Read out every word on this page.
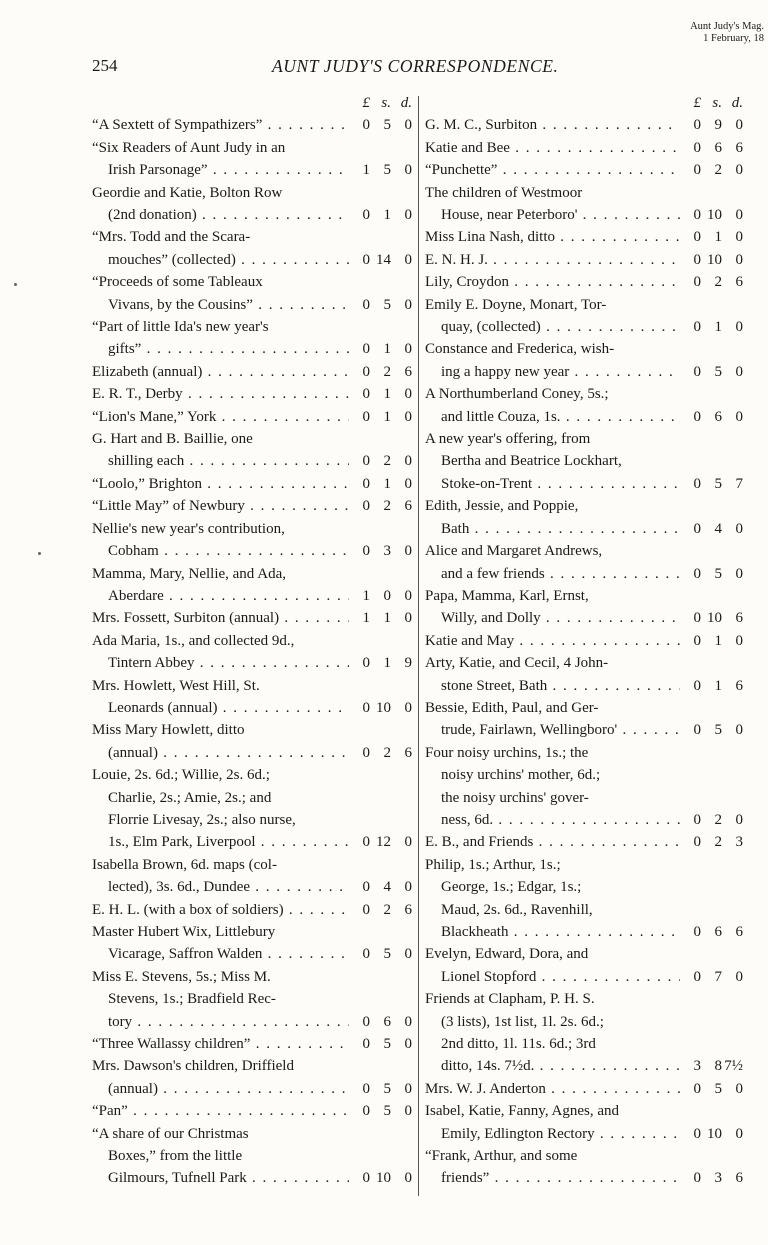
Aunt Judy's Mag.
1 February, 18
254	AUNT JUDY'S CORRESPONDENCE.
£ s. d.
“A Sextett of Sympathizers” . . .	0 5 0
“Six Readers of Aunt Judy in an
Irish Parsonage” . . .	1 5 0
Geordie and Katie, Bolton Row
(2nd donation) . . .	0 1 0
“Mrs. Todd and the Scara-
mouches” (collected) . . .	0 14 0
“Proceeds of some Tableaux
Vivans, by the Cousins” . . .	0 5 0
“Part of little Ida's new year's
gifts” . . .	0 1 0
Elizabeth (annual) . . .	0 2 6
E. R. T., Derby . . .	0 1 0
“Lion's Mane,” York . . .	0 1 0
G. Hart and B. Baillie, one
shilling each . . .	0 2 0
“Loolo,” Brighton . . .	0 1 0
“Little May” of Newbury . . .	0 2 6
Nellie's new year's contribution,
Cobham . . .	0 3 0
Mamma, Mary, Nellie, and Ada,
Aberdare . . .	1 0 0
Mrs. Fossett, Surbiton (annual) . . .	1 1 0
Ada Maria, 1s., and collected 9d.,
Tintern Abbey . . .	0 1 9
Mrs. Howlett, West Hill, St.
Leonards (annual) . . .	0 10 0
Miss Mary Howlett, ditto
(annual) . . .	0 2 6
Louie, 2s. 6d.; Willie, 2s. 6d.;
Charlie, 2s.; Amie, 2s.; and
Florrie Livesay, 2s.; also nurse,
1s., Elm Park, Liverpool . . .	0 12 0
Isabella Brown, 6d. maps (col-
lected), 3s. 6d., Dundee . . .	0 4 0
E. H. L. (with a box of soldiers) . . .	0 2 6
Master Hubert Wix, Littlebury
Vicarage, Saffron Walden . . .	0 5 0
Miss E. Stevens, 5s.; Miss M.
Stevens, 1s.; Bradfield Rec-
tory . . .	0 6 0
“Three Wallassy children” . . .	0 5 0
Mrs. Dawson's children, Driffield
(annual) . . .	0 5 0
“Pan” . . .	0 5 0
“A share of our Christmas
Boxes,” from the little
Gilmours, Tufnell Park . . .	0 10 0
£ s. d.
G. M. C., Surbiton . . .	0 9 0
Katie and Bee . . .	0 6 6
“Punchette” . . .	0 2 0
The children of Westmoor
House, near Peterboro' . . .	0 10 0
Miss Lina Nash, ditto . . .	0 1 0
E. N. H. J. . . .	0 10 0
Lily, Croydon . . .	0 2 6
Emily E. Doyne, Monart, Tor-
quay, (collected) . . .	0 1 0
Constance and Frederica, wish-
ing a happy new year . . .	0 5 0
A Northumberland Coney, 5s.;
and little Couza, 1s. . . .	0 6 0
A new year's offering, from
Bertha and Beatrice Lockhart,
Stoke-on-Trent . . .	0 5 7
Edith, Jessie, and Poppie,
Bath . . .	0 4 0
Alice and Margaret Andrews,
and a few friends . . .	0 5 0
Papa, Mamma, Karl, Ernst,
Willy, and Dolly . . .	0 10 6
Katie and May . . .	0 1 0
Arty, Katie, and Cecil, 4 John-
stone Street, Bath . . .	0 1 6
Bessie, Edith, Paul, and Ger-
trude, Fairlawn, Wellingboro' . . .	0 5 0
Four noisy urchins, 1s.; the
noisy urchins' mother, 6d.;
the noisy urchins' gover-
ness, 6d. . . .	0 2 0
E. B., and Friends . . .	0 2 3
Philip, 1s.; Arthur, 1s.;
George, 1s.; Edgar, 1s.;
Maud, 2s. 6d., Ravenhill,
Blackheath . . .	0 6 6
Evelyn, Edward, Dora, and
Lionel Stopford . . .	0 7 0
Friends at Clapham, P. H. S.
(3 lists), 1st list, 1l. 2s. 6d.;
2nd ditto, 1l. 11s. 6d.; 3rd
ditto, 14s. 7½d. . . .	3 8 7½
Mrs. W. J. Anderton . . .	0 5 0
Isabel, Katie, Fanny, Agnes, and
Emily, Edlington Rectory . . .	0 10 0
“Frank, Arthur, and some
friends” . . .	0 3 6
